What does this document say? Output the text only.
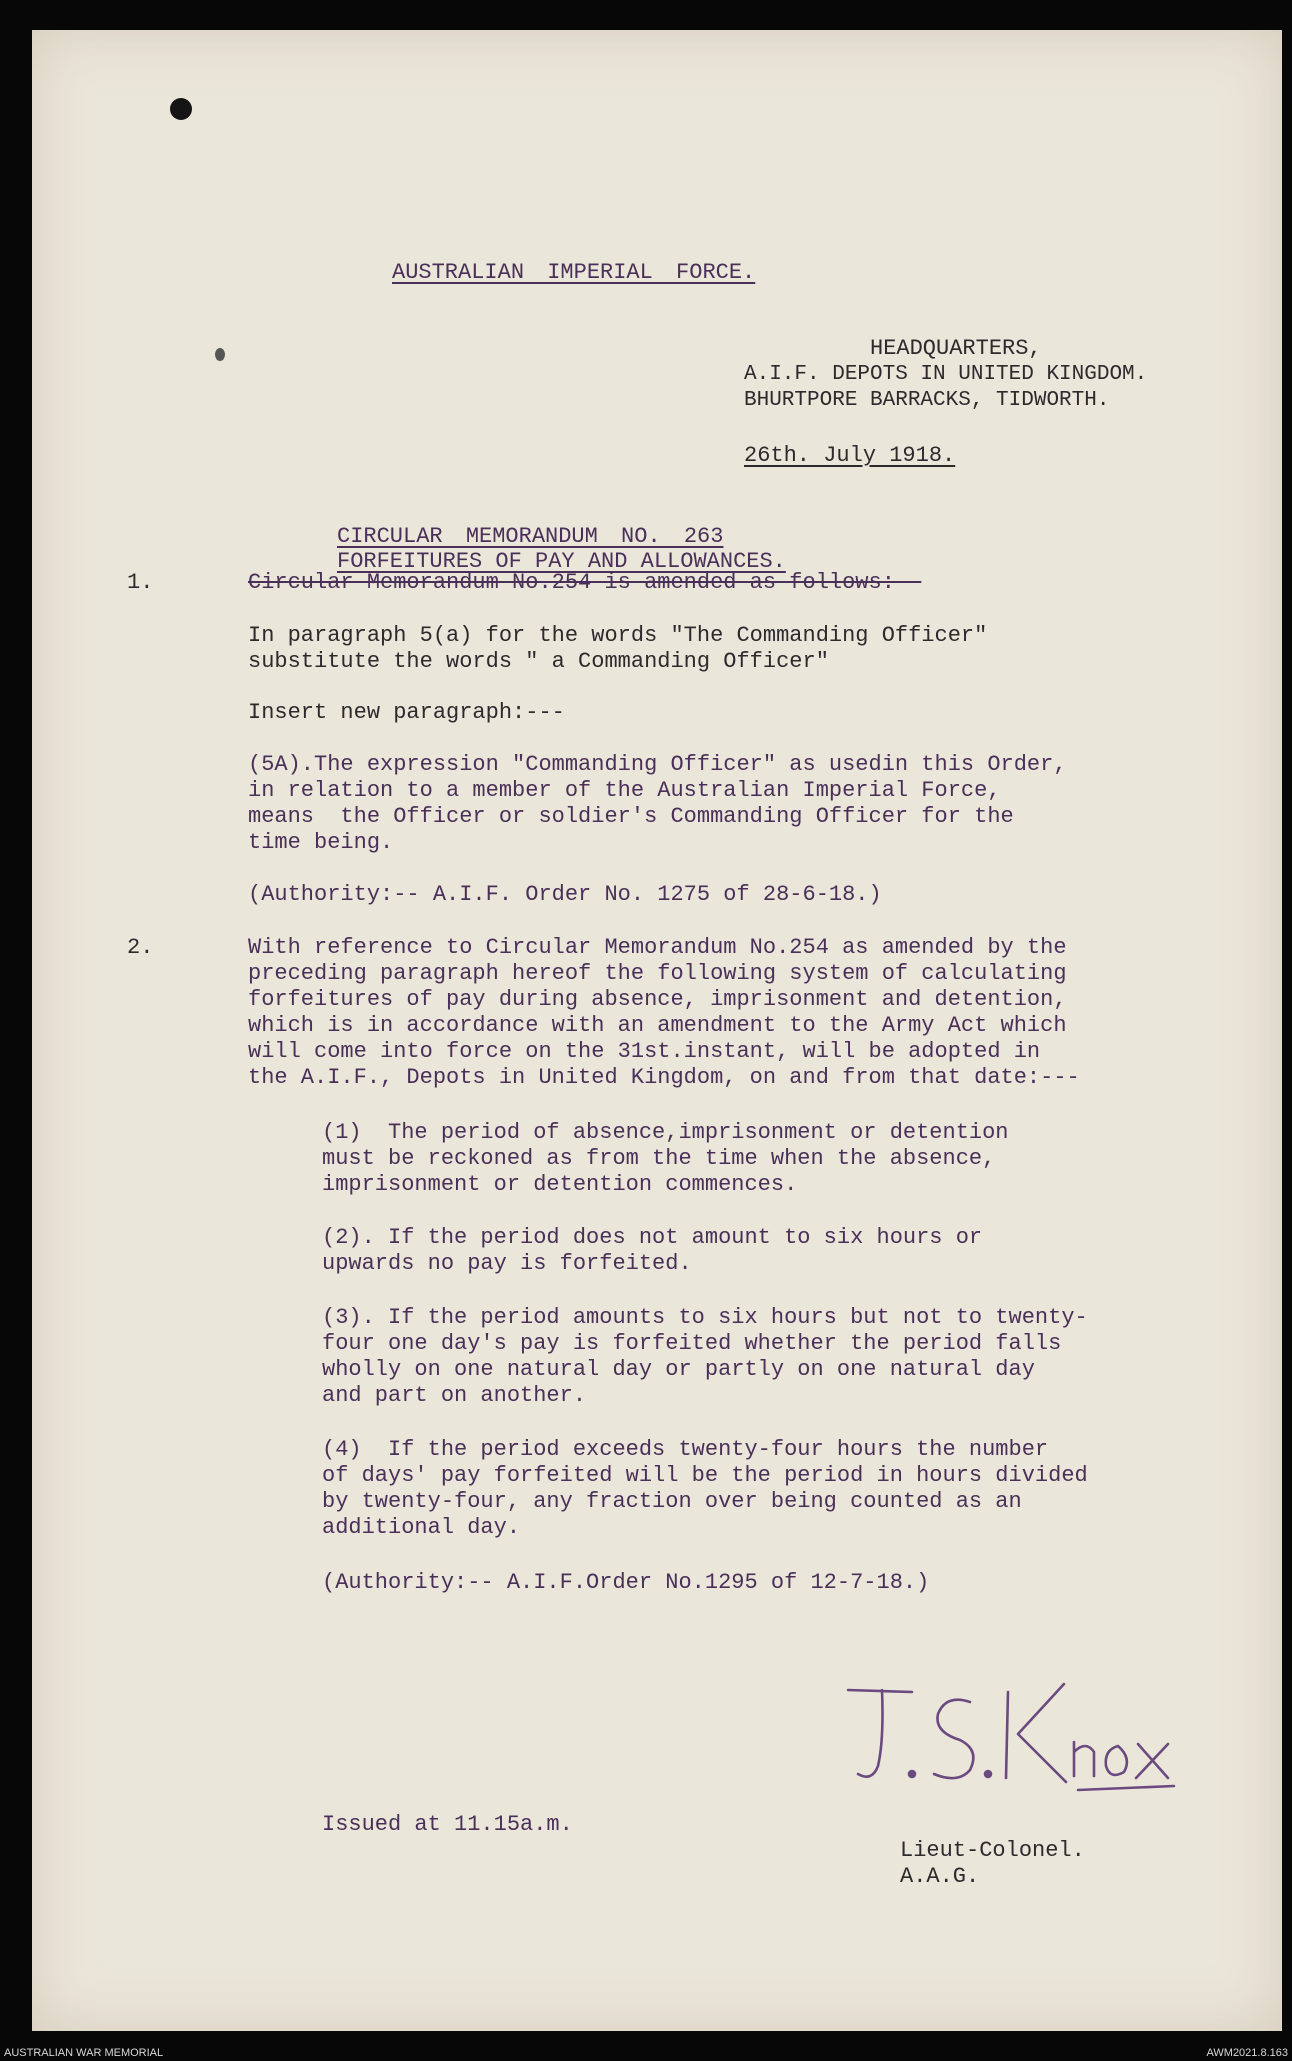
AUSTRALIAN IMPERIAL FORCE.

HEADQUARTERS,

A.I.F. DEPOTS IN UNITED KINGDOM.

BHURTPORE BARRACKS, TIDWORTH.

26th. July 1918.

CIRCULAR MEMORANDUM NO. 263

FORFEITURES OF PAY AND ALLOWANCES.

1.	Circular Memorandum No.254 is amended as follows:--

In paragraph 5(a) for the words "The Commanding Officer"

substitute the words " a Commanding Officer"

Insert new paragraph:---

(5A).The expression "Commanding Officer" as usedin this Order,

in relation to a member of the Australian Imperial Force,

means  the Officer or soldier's Commanding Officer for the

time being.

(Authority:-- A.I.F. Order No. 1275 of 28-6-18.)

2.	With reference to Circular Memorandum No.254 as amended by the

preceding paragraph hereof the following system of calculating

forfeitures of pay during absence, imprisonment and detention,

which is in accordance with an amendment to the Army Act which

will come into force on the 31st.instant, will be adopted in

the A.I.F., Depots in United Kingdom, on and from that date:---

(1)  The period of absence,imprisonment or detention

must be reckoned as from the time when the absence,

imprisonment or detention commences.

(2). If the period does not amount to six hours or

upwards no pay is forfeited.

(3). If the period amounts to six hours but not to twenty-

four one day's pay is forfeited whether the period falls

wholly on one natural day or partly on one natural day

and part on another.

(4)  If the period exceeds twenty-four hours the number

of days' pay forfeited will be the period in hours divided

by twenty-four, any fraction over being counted as an

additional day.

(Authority:-- A.I.F.Order No.1295 of 12-7-18.)

Issued at 11.15a.m.

Lieut-Colonel.

A.A.G.

AUSTRALIAN WAR MEMORIAL	AWM2021.8.163
